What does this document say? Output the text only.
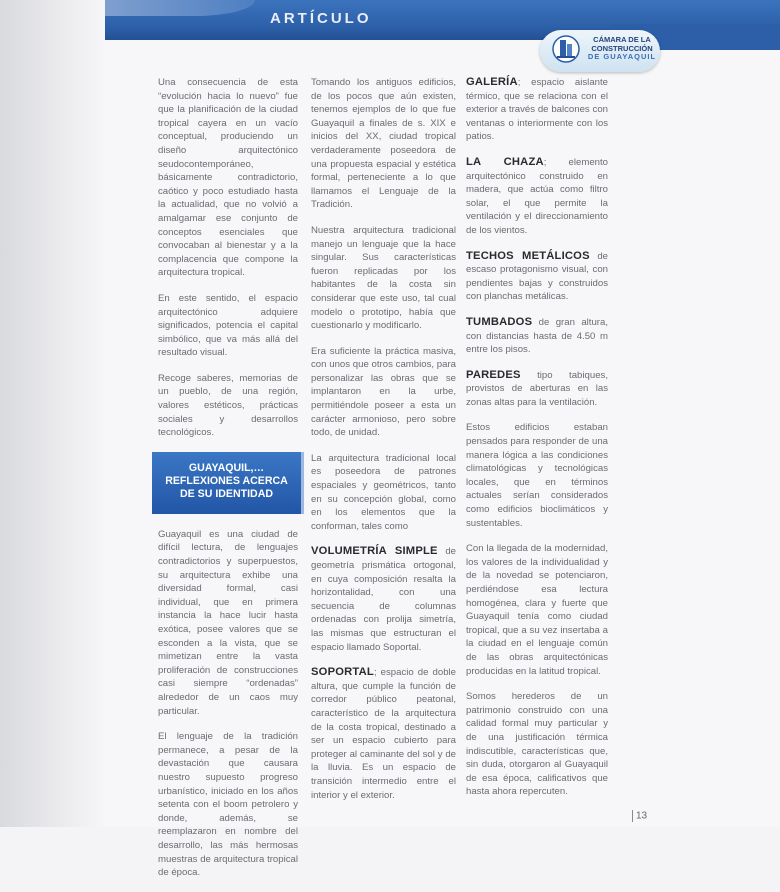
ARTÍCULO
CÁMARA DE LA
CONSTRUCCIÓN
DE GUAYAQUIL

Una consecuencia de esta “evolución hacia lo nuevo” fue que la planificación de la ciudad tropical cayera en un vacío conceptual, produciendo un diseño arquitectónico seudocontemporáneo, básicamente contradictorio, caótico y poco estudiado hasta la actualidad, que no volvió a amalgamar ese conjunto de conceptos esenciales que convocaban al bienestar y a la complacencia que compone la arquitectura tropical.

En este sentido, el espacio arquitectónico adquiere significados, potencia el capital simbólico, que va más allá del resultado visual.

Recoge saberes, memorias de un pueblo, de una región, valores estéticos, prácticas sociales y desarrollos tecnológicos.

GUAYAQUIL,…
REFLEXIONES ACERCA
DE SU IDENTIDAD

Guayaquil es una ciudad de difícil lectura, de lenguajes contradictorios y superpuestos, su arquitectura exhibe una diversidad formal, casi individual, que en primera instancia la hace lucir hasta exótica, posee valores que se esconden a la vista, que se mimetizan entre la vasta proliferación de construcciones casi siempre “ordenadas” alrededor de un caos muy particular.

El lenguaje de la tradición permanece, a pesar de la devastación que causara nuestro supuesto progreso urbanístico, iniciado en los años setenta con el boom petrolero y donde, además, se reemplazaron en nombre del desarrollo, las más hermosas muestras de arquitectura tropical de época.

Tomando los antiguos edificios, de los pocos que aún existen, tenemos ejemplos de lo que fue Guayaquil a finales de s. XIX e inicios del XX, ciudad tropical verdaderamente poseedora de una propuesta espacial y estética formal, perteneciente a lo que llamamos el Lenguaje de la Tradición.

Nuestra arquitectura tradicional manejo un lenguaje que la hace singular. Sus características fueron replicadas por los habitantes de la costa sin considerar que este uso, tal cual modelo o prototipo, había que cuestionarlo y modificarlo.

Era suficiente la práctica masiva, con unos que otros cambios, para personalizar las obras que se implantaron en la urbe, permitiéndole poseer a esta un carácter armonioso, pero sobre todo, de unidad.

La arquitectura tradicional local es poseedora de patrones espaciales y geométricos, tanto en su concepción global, como en los elementos que la conforman, tales como

VOLUMETRÍA SIMPLE de geometría prismática ortogonal, en cuya composición resalta la horizontalidad, con una secuencia de columnas ordenadas con prolija simetría, las mismas que estructuran el espacio llamado Soportal.

SOPORTAL; espacio de doble altura, que cumple la función de corredor público peatonal, característico de la arquitectura de la costa tropical, destinado a ser un espacio cubierto para proteger al caminante del sol y de la lluvia. Es un espacio de transición intermedio entre el interior y el exterior.

GALERÍA; espacio aislante térmico, que se relaciona con el exterior a través de balcones con ventanas o interiormente con los patios.

LA CHAZA; elemento arquitectónico construido en madera, que actúa como filtro solar, el que permite la ventilación y el direccionamiento de los vientos.

TECHOS METÁLICOS de escaso protagonismo visual, con pendientes bajas y construidos con planchas metálicas.

TUMBADOS de gran altura, con distancias hasta de 4.50 m entre los pisos.

PAREDES tipo tabiques, provistos de aberturas en las zonas altas para la ventilación.

Estos edificios estaban pensados para responder de una manera lógica a las condiciones climatológicas y tecnológicas locales, que en términos actuales serían considerados como edificios bioclimáticos y sustentables.

Con la llegada de la modernidad, los valores de la individualidad y de la novedad se potenciaron, perdiéndose esa lectura homogénea, clara y fuerte que Guayaquil tenía como ciudad tropical, que a su vez insertaba a la ciudad en el lenguaje común de las obras arquitectónicas producidas en la latitud tropical.

Somos herederos de un patrimonio construido con una calidad formal muy particular y de una justificación térmica indiscutible, características que, sin duda, otorgaron al Guayaquil de esa época, calificativos que hasta ahora repercuten.

13
